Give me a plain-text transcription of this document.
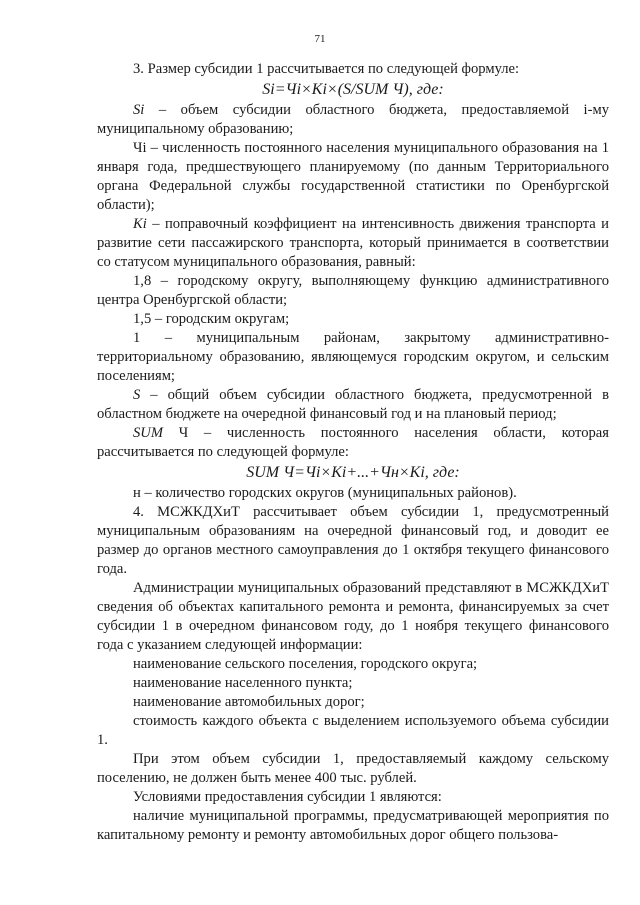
71

3. Размер субсидии 1 рассчитывается по следующей формуле:

Si=Чi×Ki×(S/SUM Ч), где:

Si – объем субсидии областного бюджета, предоставляемой i-му муниципальному образованию;

Чi – численность постоянного населения муниципального образования на 1 января года, предшествующего планируемому (по данным Территориального органа Федеральной службы государственной статистики по Оренбургской области);

Ki – поправочный коэффициент на интенсивность движения транспорта и развитие сети пассажирского транспорта, который принимается в соответствии со статусом муниципального образования, равный:

1,8 – городскому округу, выполняющему функцию административного центра Оренбургской области;

1,5 – городским округам;

1 – муниципальным районам, закрытому административно-территориальному образованию, являющемуся городским округом, и сельским поселениям;

S – общий объем субсидии областного бюджета, предусмотренной в областном бюджете на очередной финансовый год и на плановый период;

SUM Ч – численность постоянного населения области, которая рассчитывается по следующей формуле:

SUM Ч=Чi×Ki+...+Чн×Ki, где:

н – количество городских округов (муниципальных районов).

4. МСЖКДХиТ рассчитывает объем субсидии 1, предусмотренный муниципальным образованиям на очередной финансовый год, и доводит ее размер до органов местного самоуправления до 1 октября текущего финансового года.

Администрации муниципальных образований представляют в МСЖКДХиТ сведения об объектах капитального ремонта и ремонта, финансируемых за счет субсидии 1 в очередном финансовом году, до 1 ноября текущего финансового года с указанием следующей информации:

наименование сельского поселения, городского округа;

наименование населенного пункта;

наименование автомобильных дорог;

стоимость каждого объекта с выделением используемого объема субсидии 1.

При этом объем субсидии 1, предоставляемый каждому сельскому поселению, не должен быть менее 400 тыс. рублей.

Условиями предоставления субсидии 1 являются:

наличие муниципальной программы, предусматривающей мероприятия по капитальному ремонту и ремонту автомобильных дорог общего пользова-
